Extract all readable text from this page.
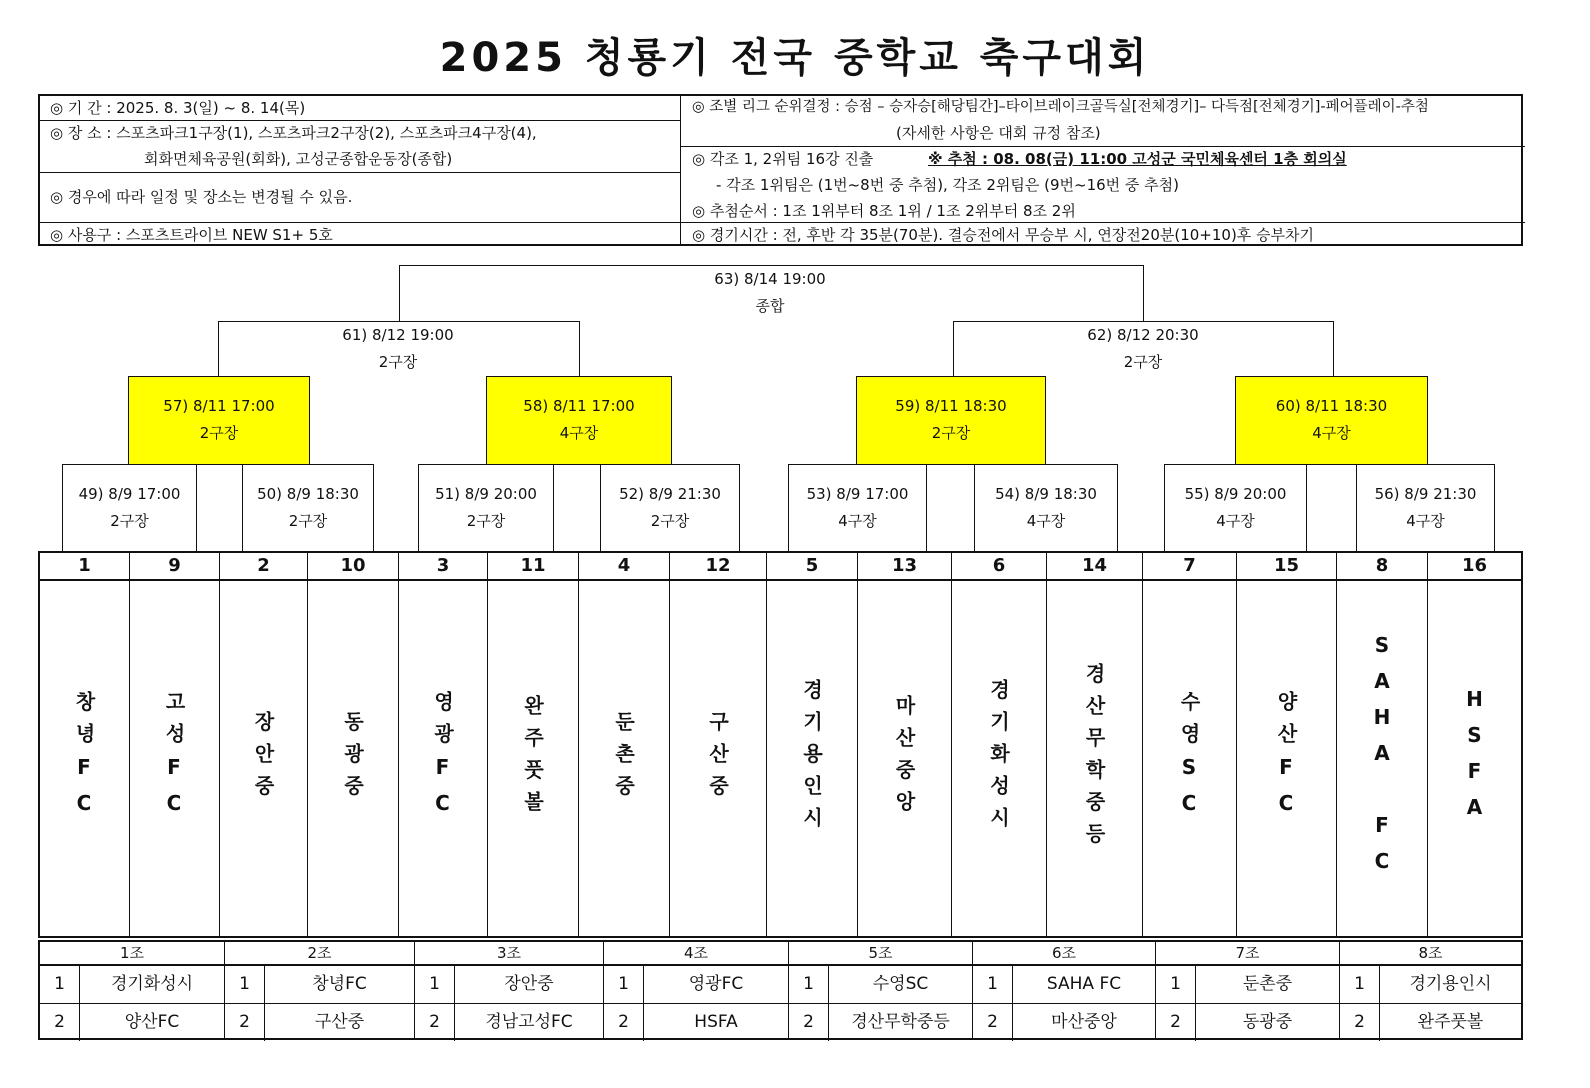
2025 청룡기 전국 중학교 축구대회
◎ 기 간 : 2025. 8. 3(일) ~ 8. 14(목)
◎ 장 소 : 스포츠파크1구장(1), 스포츠파크2구장(2), 스포츠파크4구장(4),
회화면체육공원(회화), 고성군종합운동장(종합)
◎ 경우에 따라 일정 및 장소는 변경될 수 있음.
◎ 사용구 : 스포츠트라이브 NEW S1+ 5호
◎ 조별 리그 순위결정 : 승점 – 승자승[해당팀간]–타이브레이크골득실[전체경기]– 다득점[전체경기]-페어플레이-추첨
(자세한 사항은 대회 규정 참조)
◎ 각조 1, 2위팀 16강 진출	※ 추첨 : 08. 08(금) 11:00 고성군 국민체육센터 1층 회의실
- 각조 1위팀은 (1번~8번 중 추첨), 각조 2위팀은 (9번~16번 중 추첨)
◎ 추첨순서 : 1조 1위부터 8조 1위 / 1조 2위부터 8조 2위
◎ 경기시간 : 전, 후반 각 35분(70분). 결승전에서 무승부 시, 연장전20분(10+10)후 승부차기
63) 8/14 19:00
종합
61) 8/12 19:00
2구장
62) 8/12 20:30
2구장
57) 8/11 17:00
2구장
58) 8/11 17:00
4구장
59) 8/11 18:30
2구장
60) 8/11 18:30
4구장
49) 8/9 17:00
2구장
50) 8/9 18:30
2구장
51) 8/9 20:00
2구장
52) 8/9 21:30
2구장
53) 8/9 17:00
4구장
54) 8/9 18:30
4구장
55) 8/9 20:00
4구장
56) 8/9 21:30
4구장
1
창녕FC
9
고성FC
2
장안중
10
동광중
3
영광FC
11
완주풋볼
4
둔촌중
12
구산중
5
경기용인시
13
마산중앙
6
경기화성시
14
경산무학중등
7
수영SC
15
양산FC
8
SAHA FC
16
HSFA
1조
1	경기화성시
2	양산FC
2조
1	창녕FC
2	구산중
3조
1	장안중
2	경남고성FC
4조
1	영광FC
2	HSFA
5조
1	수영SC
2	경산무학중등
6조
1	SAHA FC
2	마산중앙
7조
1	둔촌중
2	동광중
8조
1	경기용인시
2	완주풋볼
